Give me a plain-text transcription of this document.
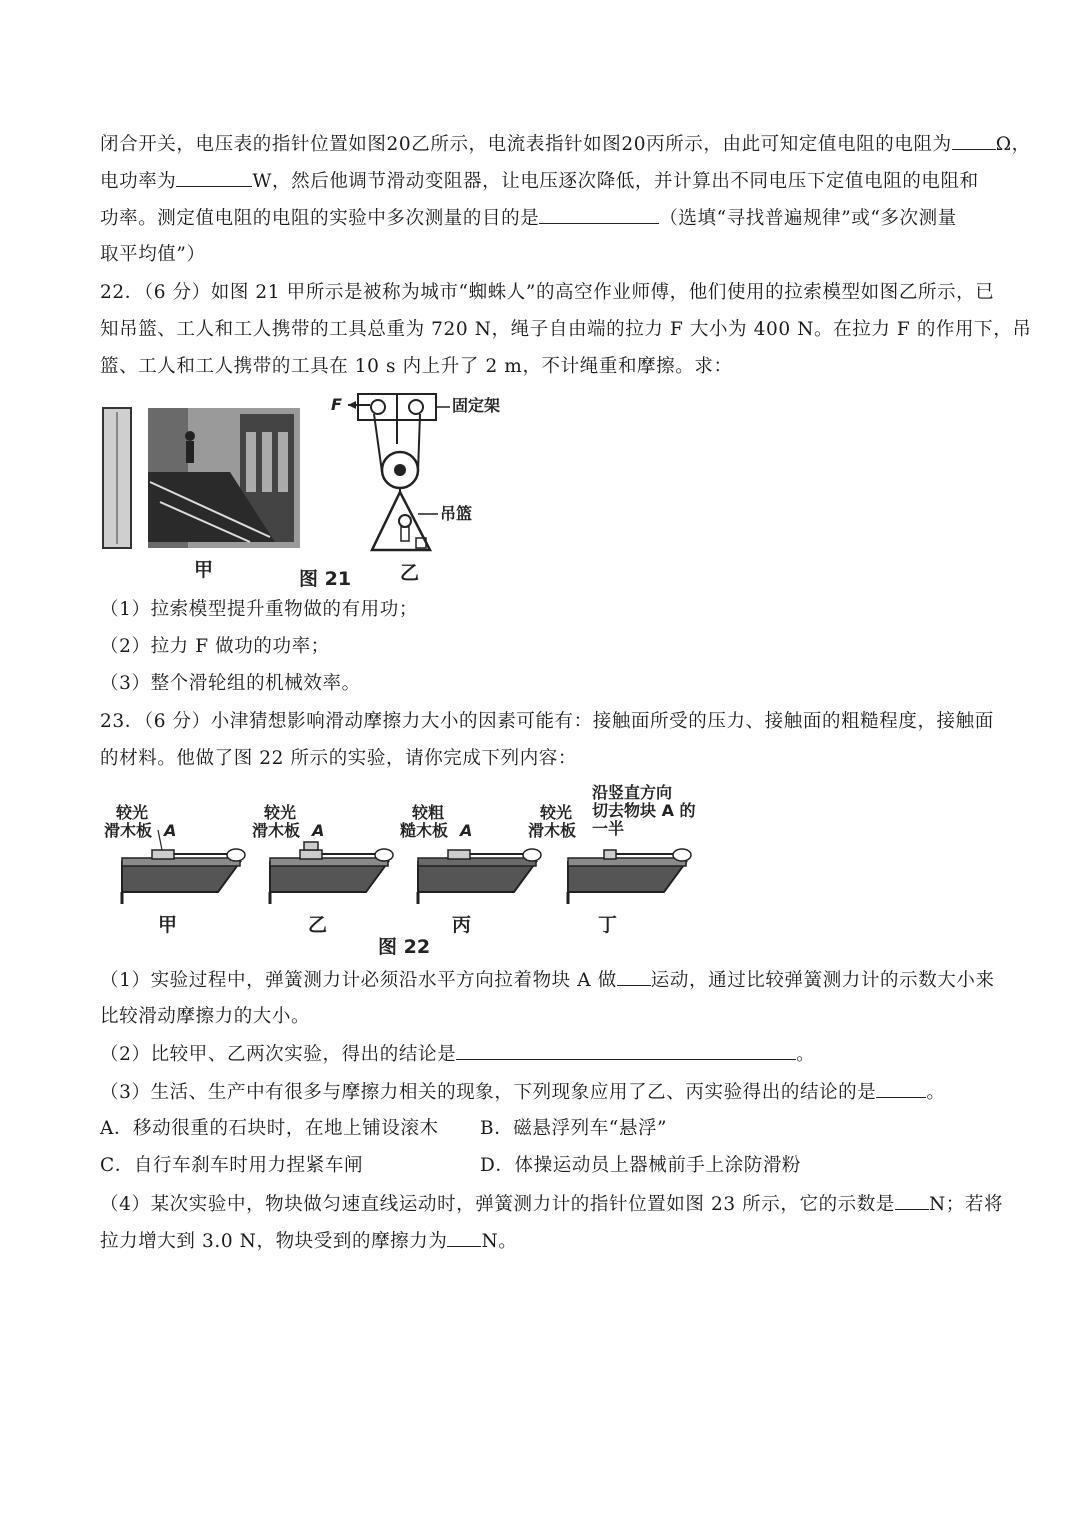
闭合开关，电压表的指针位置如图20乙所示，电流表指针如图20丙所示，由此可知定值电阻的电阻为 Ω，
电功率为	W，然后他调节滑动变阻器，让电压逐次降低，并计算出不同电压下定值电阻的电阻和
功率。测定值电阻的电阻的实验中多次测量的目的是	（选填“寻找普遍规律”或“多次测量
取平均值”）
22．（6 分）如图 21 甲所示是被称为城市“蜘蛛人”的高空作业师傅，他们使用的拉索模型如图乙所示，已
知吊篮、工人和工人携带的工具总重为 720 N，绳子自由端的拉力 F 大小为 400 N。在拉力 F 的作用下，吊
篮、工人和工人携带的工具在 10 s 内上升了 2 m，不计绳重和摩擦。求：
F	固定架
吊篮
甲	图 21	乙
（1）拉索模型提升重物做的有用功；
（2）拉力 F 做功的功率；
（3）整个滑轮组的机械效率。
23．（6 分）小津猜想影响滑动摩擦力大小的因素可能有：接触面所受的压力、接触面的粗糙程度，接触面
的材料。他做了图 22 所示的实验，请你完成下列内容：
较光
滑木板 A
较光
滑木板 A
较粗
糙木板 A
较光
滑木板
沿竖直方向
切去物块 A 的
一半
甲	乙	丙	丁
图 22
（1）实验过程中，弹簧测力计必须沿水平方向拉着物块 A 做 运动，通过比较弹簧测力计的示数大小来
比较滑动摩擦力的大小。
（2）比较甲、乙两次实验，得出的结论是	。
（3）生活、生产中有很多与摩擦力相关的现象，下列现象应用了乙、丙实验得出的结论的是	。
A．移动很重的石块时，在地上铺设滚木 B．磁悬浮列车“悬浮”
C．自行车刹车时用力捏紧车闸	D．体操运动员上器械前手上涂防滑粉
（4）某次实验中，物块做匀速直线运动时，弹簧测力计的指针位置如图 23 所示，它的示数是 N；若将
拉力增大到 3.0 N，物块受到的摩擦力为 N。
